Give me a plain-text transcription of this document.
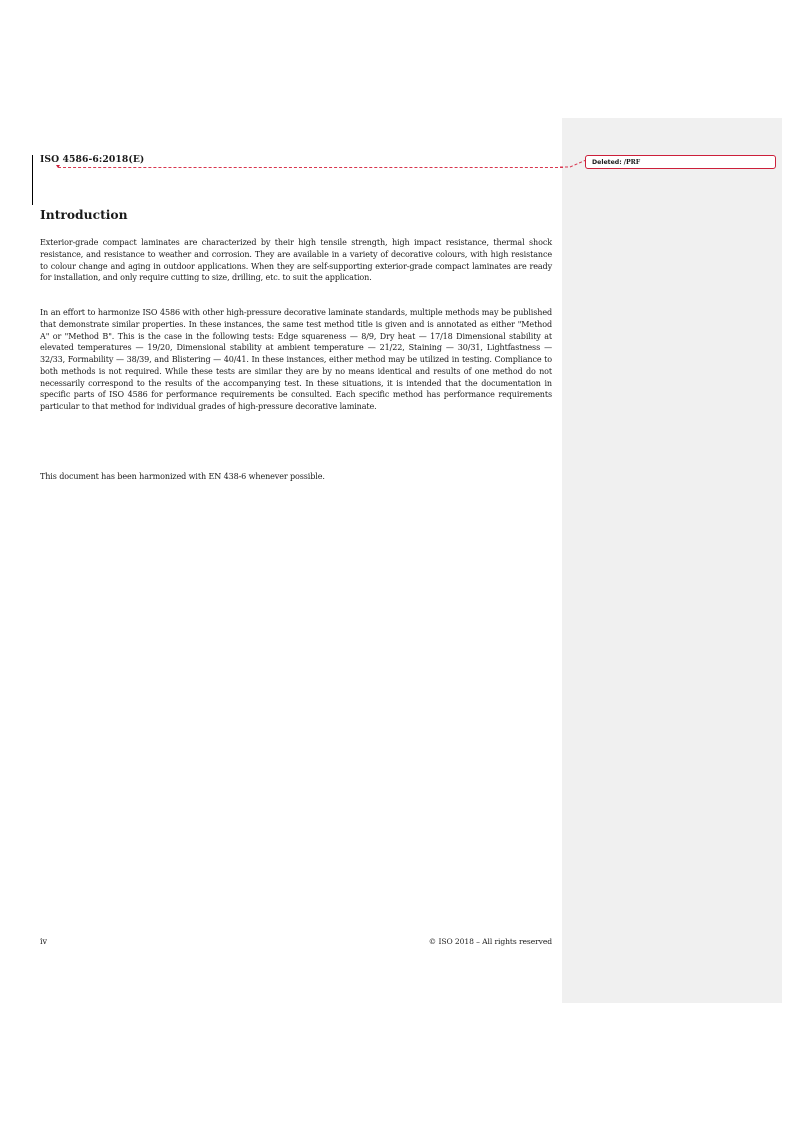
ISO 4586-6:2018(E)	Deleted: /PRF
Introduction

Exterior-grade compact laminates are characterized by their high tensile strength, high impact resistance, thermal shock resistance, and resistance to weather and corrosion. They are available in a variety of decorative colours, with high resistance to colour change and aging in outdoor applications. When they are self-supporting exterior-grade compact laminates are ready for installation, and only require cutting to size, drilling, etc. to suit the application.

In an effort to harmonize ISO 4586 with other high-pressure decorative laminate standards, multiple methods may be published that demonstrate similar properties. In these instances, the same test method title is given and is annotated as either "Method A" or "Method B". This is the case in the following tests: Edge squareness — 8/9, Dry heat — 17/18 Dimensional stability at elevated temperatures — 19/20, Dimensional stability at ambient temperature — 21/22, Staining — 30/31, Lightfastness — 32/33, Formability — 38/39, and Blistering — 40/41. In these instances, either method may be utilized in testing. Compliance to both methods is not required. While these tests are similar they are by no means identical and results of one method do not necessarily correspond to the results of the accompanying test. In these situations, it is intended that the documentation in specific parts of ISO 4586 for performance requirements be consulted. Each specific method has performance requirements particular to that method for individual grades of high-pressure decorative laminate.

This document has been harmonized with EN 438-6 whenever possible.

iv	© ISO 2018 – All rights reserved
